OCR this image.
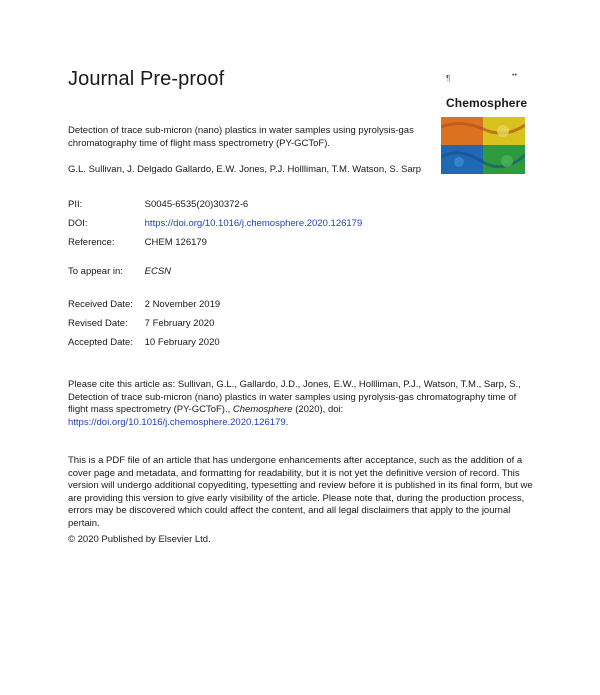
Journal Pre-proof	¶	••
Chemosphere
Detection of trace sub-micron (nano) plastics in water samples using pyrolysis-gas chromatography time of flight mass spectrometry (PY-GCToF).
G.L. Sullivan, J. Delgado Gallardo, E.W. Jones, P.J. Hollliman, T.M. Watson, S. Sarp
PII:	S0045-6535(20)30372-6
DOI:	https://doi.org/10.1016/j.chemosphere.2020.126179
Reference:	CHEM 126179
To appear in: ECSN
Received Date: 2 November 2019
Revised Date: 7 February 2020
Accepted Date: 10 February 2020
Please cite this article as: Sullivan, G.L., Gallardo, J.D., Jones, E.W., Hollliman, P.J., Watson, T.M., Sarp, S., Detection of trace sub-micron (nano) plastics in water samples using pyrolysis-gas chromatography time of flight mass spectrometry (PY-GCToF)., Chemosphere (2020), doi: https://doi.org/10.1016/j.chemosphere.2020.126179.
This is a PDF file of an article that has undergone enhancements after acceptance, such as the addition of a cover page and metadata, and formatting for readability, but it is not yet the definitive version of record. This version will undergo additional copyediting, typesetting and review before it is published in its final form, but we are providing this version to give early visibility of the article. Please note that, during the production process, errors may be discovered which could affect the content, and all legal disclaimers that apply to the journal pertain.
© 2020 Published by Elsevier Ltd.
